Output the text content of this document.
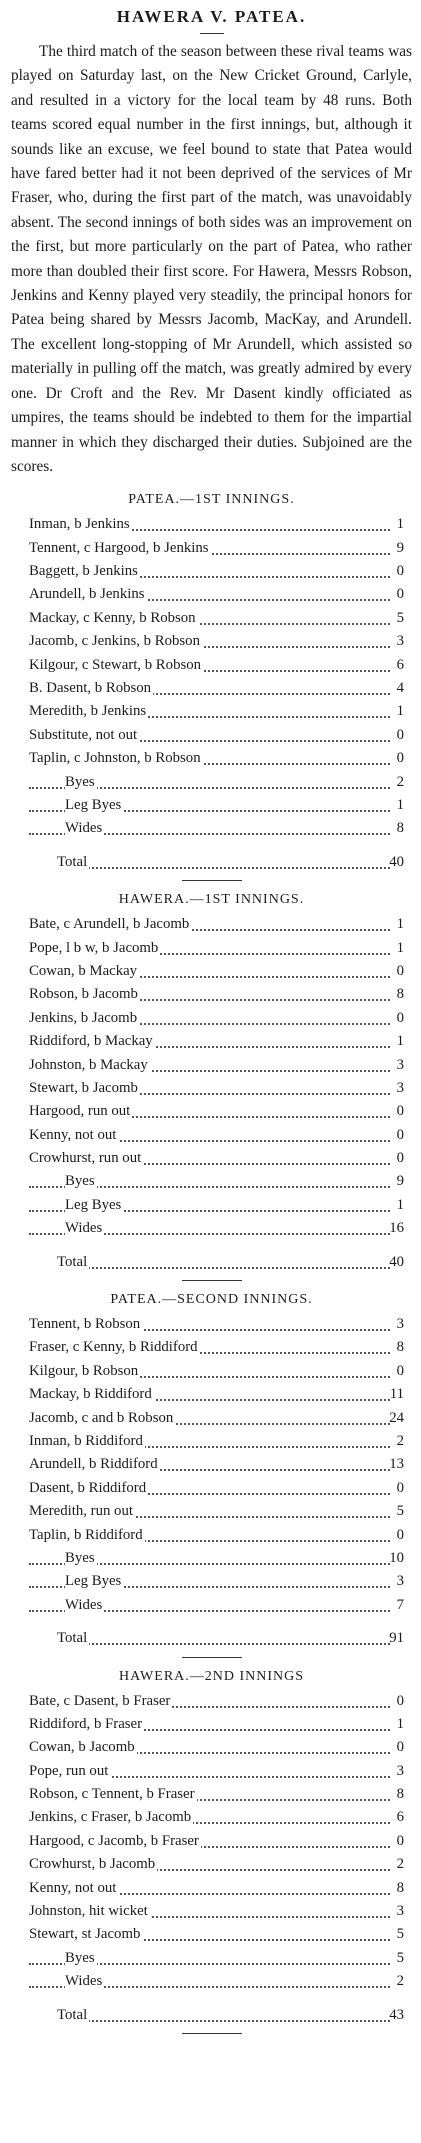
HAWERA V. PATEA.

The third match of the season between these rival teams was played on Saturday last, on the New Cricket Ground, Carlyle, and resulted in a victory for the local team by 48 runs. Both teams scored equal number in the first innings, but, although it sounds like an excuse, we feel bound to state that Patea would have fared better had it not been deprived of the services of Mr Fraser, who, during the first part of the match, was unavoidably absent. The second innings of both sides was an improvement on the first, but more particularly on the part of Patea, who rather more than doubled their first score. For Hawera, Messrs Robson, Jenkins and Kenny played very steadily, the principal honors for Patea being shared by Messrs Jacomb, MacKay, and Arundell. The excellent long-stopping of Mr Arundell, which assisted so materially in pulling off the match, was greatly admired by every one. Dr Croft and the Rev. Mr Dasent kindly officiated as umpires, the teams should be indebted to them for the impartial manner in which they discharged their duties. Subjoined are the scores.

PATEA.—1ST INNINGS.
Inman, b Jenkins	1
Tennent, c Hargood, b Jenkins	9
Baggett, b Jenkins	0
Arundell, b Jenkins	0
Mackay, c Kenny, b Robson	5
Jacomb, c Jenkins, b Robson	3
Kilgour, c Stewart, b Robson	6
B. Dasent, b Robson	4
Meredith, b Jenkins	1
Substitute, not out	0
Taplin, c Johnston, b Robson	0
Byes	2
Leg Byes	1
Wides	8
Total	40
HAWERA.—1ST INNINGS.
Bate, c Arundell, b Jacomb	1
Pope, l b w, b Jacomb	1
Cowan, b Mackay	0
Robson, b Jacomb	8
Jenkins, b Jacomb	0
Riddiford, b Mackay	1
Johnston, b Mackay	3
Stewart, b Jacomb	3
Hargood, run out	0
Kenny, not out	0
Crowhurst, run out	0
Byes	9
Leg Byes	1
Wides	16
Total	40
PATEA.—SECOND INNINGS.
Tennent, b Robson	3
Fraser, c Kenny, b Riddiford	8
Kilgour, b Robson	0
Mackay, b Riddiford	11
Jacomb, c and b Robson	24
Inman, b Riddiford	2
Arundell, b Riddiford	13
Dasent, b Riddiford	0
Meredith, run out	5
Taplin, b Riddiford	0
Byes	10
Leg Byes	3
Wides	7
Total	91
HAWERA.—2ND INNINGS
Bate, c Dasent, b Fraser	0
Riddiford, b Fraser	1
Cowan, b Jacomb	0
Pope, run out	3
Robson, c Tennent, b Fraser	8
Jenkins, c Fraser, b Jacomb	6
Hargood, c Jacomb, b Fraser	0
Crowhurst, b Jacomb	2
Kenny, not out	8
Johnston, hit wicket	3
Stewart, st Jacomb	5
Byes	5
Wides	2
Total	43
